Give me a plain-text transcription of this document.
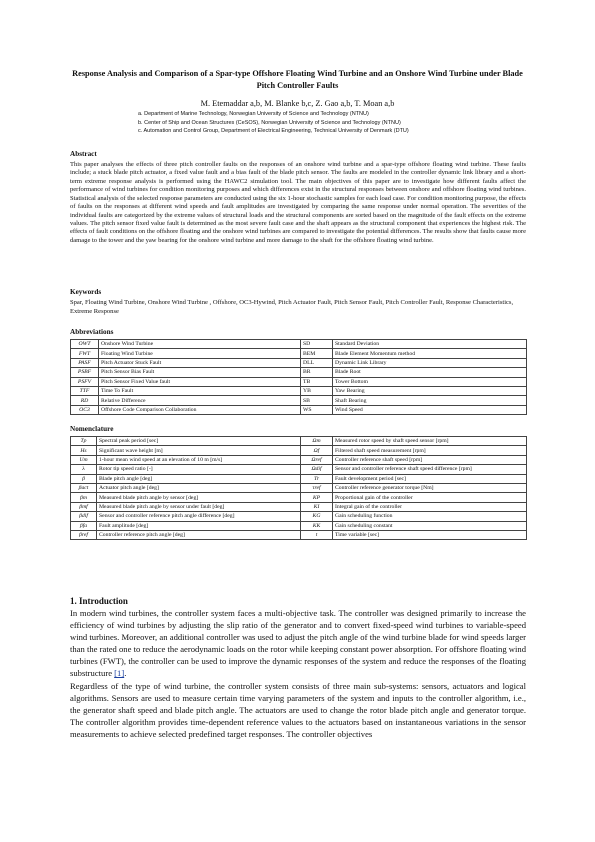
Response Analysis and Comparison of a Spar-type Offshore Floating Wind Turbine and an Onshore Wind Turbine under Blade Pitch Controller Faults
M. Etemaddar a,b, M. Blanke b,c, Z. Gao a,b, T. Moan a,b
a. Department of Marine Technology, Norwegian University of Science and Technology (NTNU)
b. Center of Ship and Ocean Structures (CeSOS), Norwegian University of Science and Technology (NTNU)
c. Automation and Control Group, Department of Electrical Engineering, Technical University of Denmark (DTU)
Abstract

This paper analyses the effects of three pitch controller faults on the responses of an onshore wind turbine and a spar-type offshore floating wind turbine. These faults include; a stuck blade pitch actuator, a fixed value fault and a bias fault of the blade pitch sensor. The faults are modeled in the controller dynamic link library and a short-term extreme response analysis is performed using the HAWC2 simulation tool. The main objectives of this paper are to investigate how different faults affect the performance of wind turbines for condition monitoring purposes and which differences exist in the structural responses between onshore and offshore floating wind turbines. Statistical analysis of the selected response parameters are conducted using the six 1-hour stochastic samples for each load case. For condition monitoring purpose, the effects of faults on the responses at different wind speeds and fault amplitudes are investigated by comparing the same response under normal operation. The severities of the individual faults are categorized by the extreme values of structural loads and the structural components are sorted based on the magnitude of the fault effects on the extreme values. The pitch sensor fixed value fault is determined as the most severe fault case and the shaft appears as the structural component that experiences the highest risk. The effects of fault conditions on the offshore floating and the onshore wind turbines are compared to investigate the potential differences. The results show that faults cause more damage to the tower and the yaw bearing for the onshore wind turbine and more damage to the shaft for the offshore floating wind turbine.

Keywords

Spar, Floating Wind Turbine, Onshore Wind Turbine , Offshore, OC3-Hywind, Pitch Actuator Fault, Pitch Sensor Fault, Pitch Controller Fault, Response Characteristics, Extreme Response

Abbreviations
OWT	Onshore Wind Turbine	SD	Standard Deviation
FWT	Floating Wind Turbine	BEM	Blade Element Momentum method
PASF	Pitch Actuator Stuck Fault	DLL	Dynamic Link Library
PSBF	Pitch Sensor Bias Fault	BR	Blade Root
PSFV	Pitch Sensor Fixed Value fault	TB	Tower Bottom
TTF	Time To Fault	YB	Yaw Bearing
RD	Relative Difference	SB	Shaft Bearing
OC3	Offshore Code Comparison Collaboration	WS	Wind Speed
Nomenclature
Tp	Spectral peak period [sec]	Ωm	Measured rotor speed by shaft speed sensor [rpm]
Hs	Significant wave height [m]	Ωf	Filtered shaft speed measurement [rpm]
Um	1-hour mean wind speed at an elevation of 10 m [m/s]	Ωref	Controller reference shaft speed [rpm]
λ	Rotor tip speed ratio [-]	Ωdif	Sensor and controller reference shaft speed difference [rpm]
β	Blade pitch angle [deg]	Tr	Fault development period [sec]
βact	Actuator pitch angle [deg]	τref	Controller reference generator torque [Nm]
βm	Measured blade pitch angle by sensor [deg]	KP	Proportional gain of the controller
βmf	Measured blade pitch angle by sensor under fault [deg]	KI	Integral gain of the controller
βdif	Sensor and controller reference pitch angle difference [deg]	KG	Gain scheduling function
βfa	Fault amplitude [deg]	KK	Gain scheduling constant
βref	Controller reference pitch angle [deg]	t	Time variable [sec]
1. Introduction

In modern wind turbines, the controller system faces a multi-objective task. The controller was designed primarily to increase the efficiency of wind turbines by adjusting the slip ratio of the generator and to convert fixed-speed wind turbines to variable-speed wind turbines. Moreover, an additional controller was used to adjust the pitch angle of the wind turbine blade for wind speeds larger than the rated one to reduce the aerodynamic loads on the rotor while keeping constant power absorption. For offshore floating wind turbines (FWT), the controller can be used to improve the dynamic responses of the system and reduce the responses of the floating substructure [1].

Regardless of the type of wind turbine, the controller system consists of three main sub-systems: sensors, actuators and logical algorithms. Sensors are used to measure certain time varying parameters of the system and inputs to the controller algorithm, i.e., the generator shaft speed and blade pitch angle. The actuators are used to change the rotor blade pitch angle and generator torque. The controller algorithm provides time-dependent reference values to the actuators based on instantaneous variations in the sensor measurements to achieve selected predefined target responses. The controller objectives
